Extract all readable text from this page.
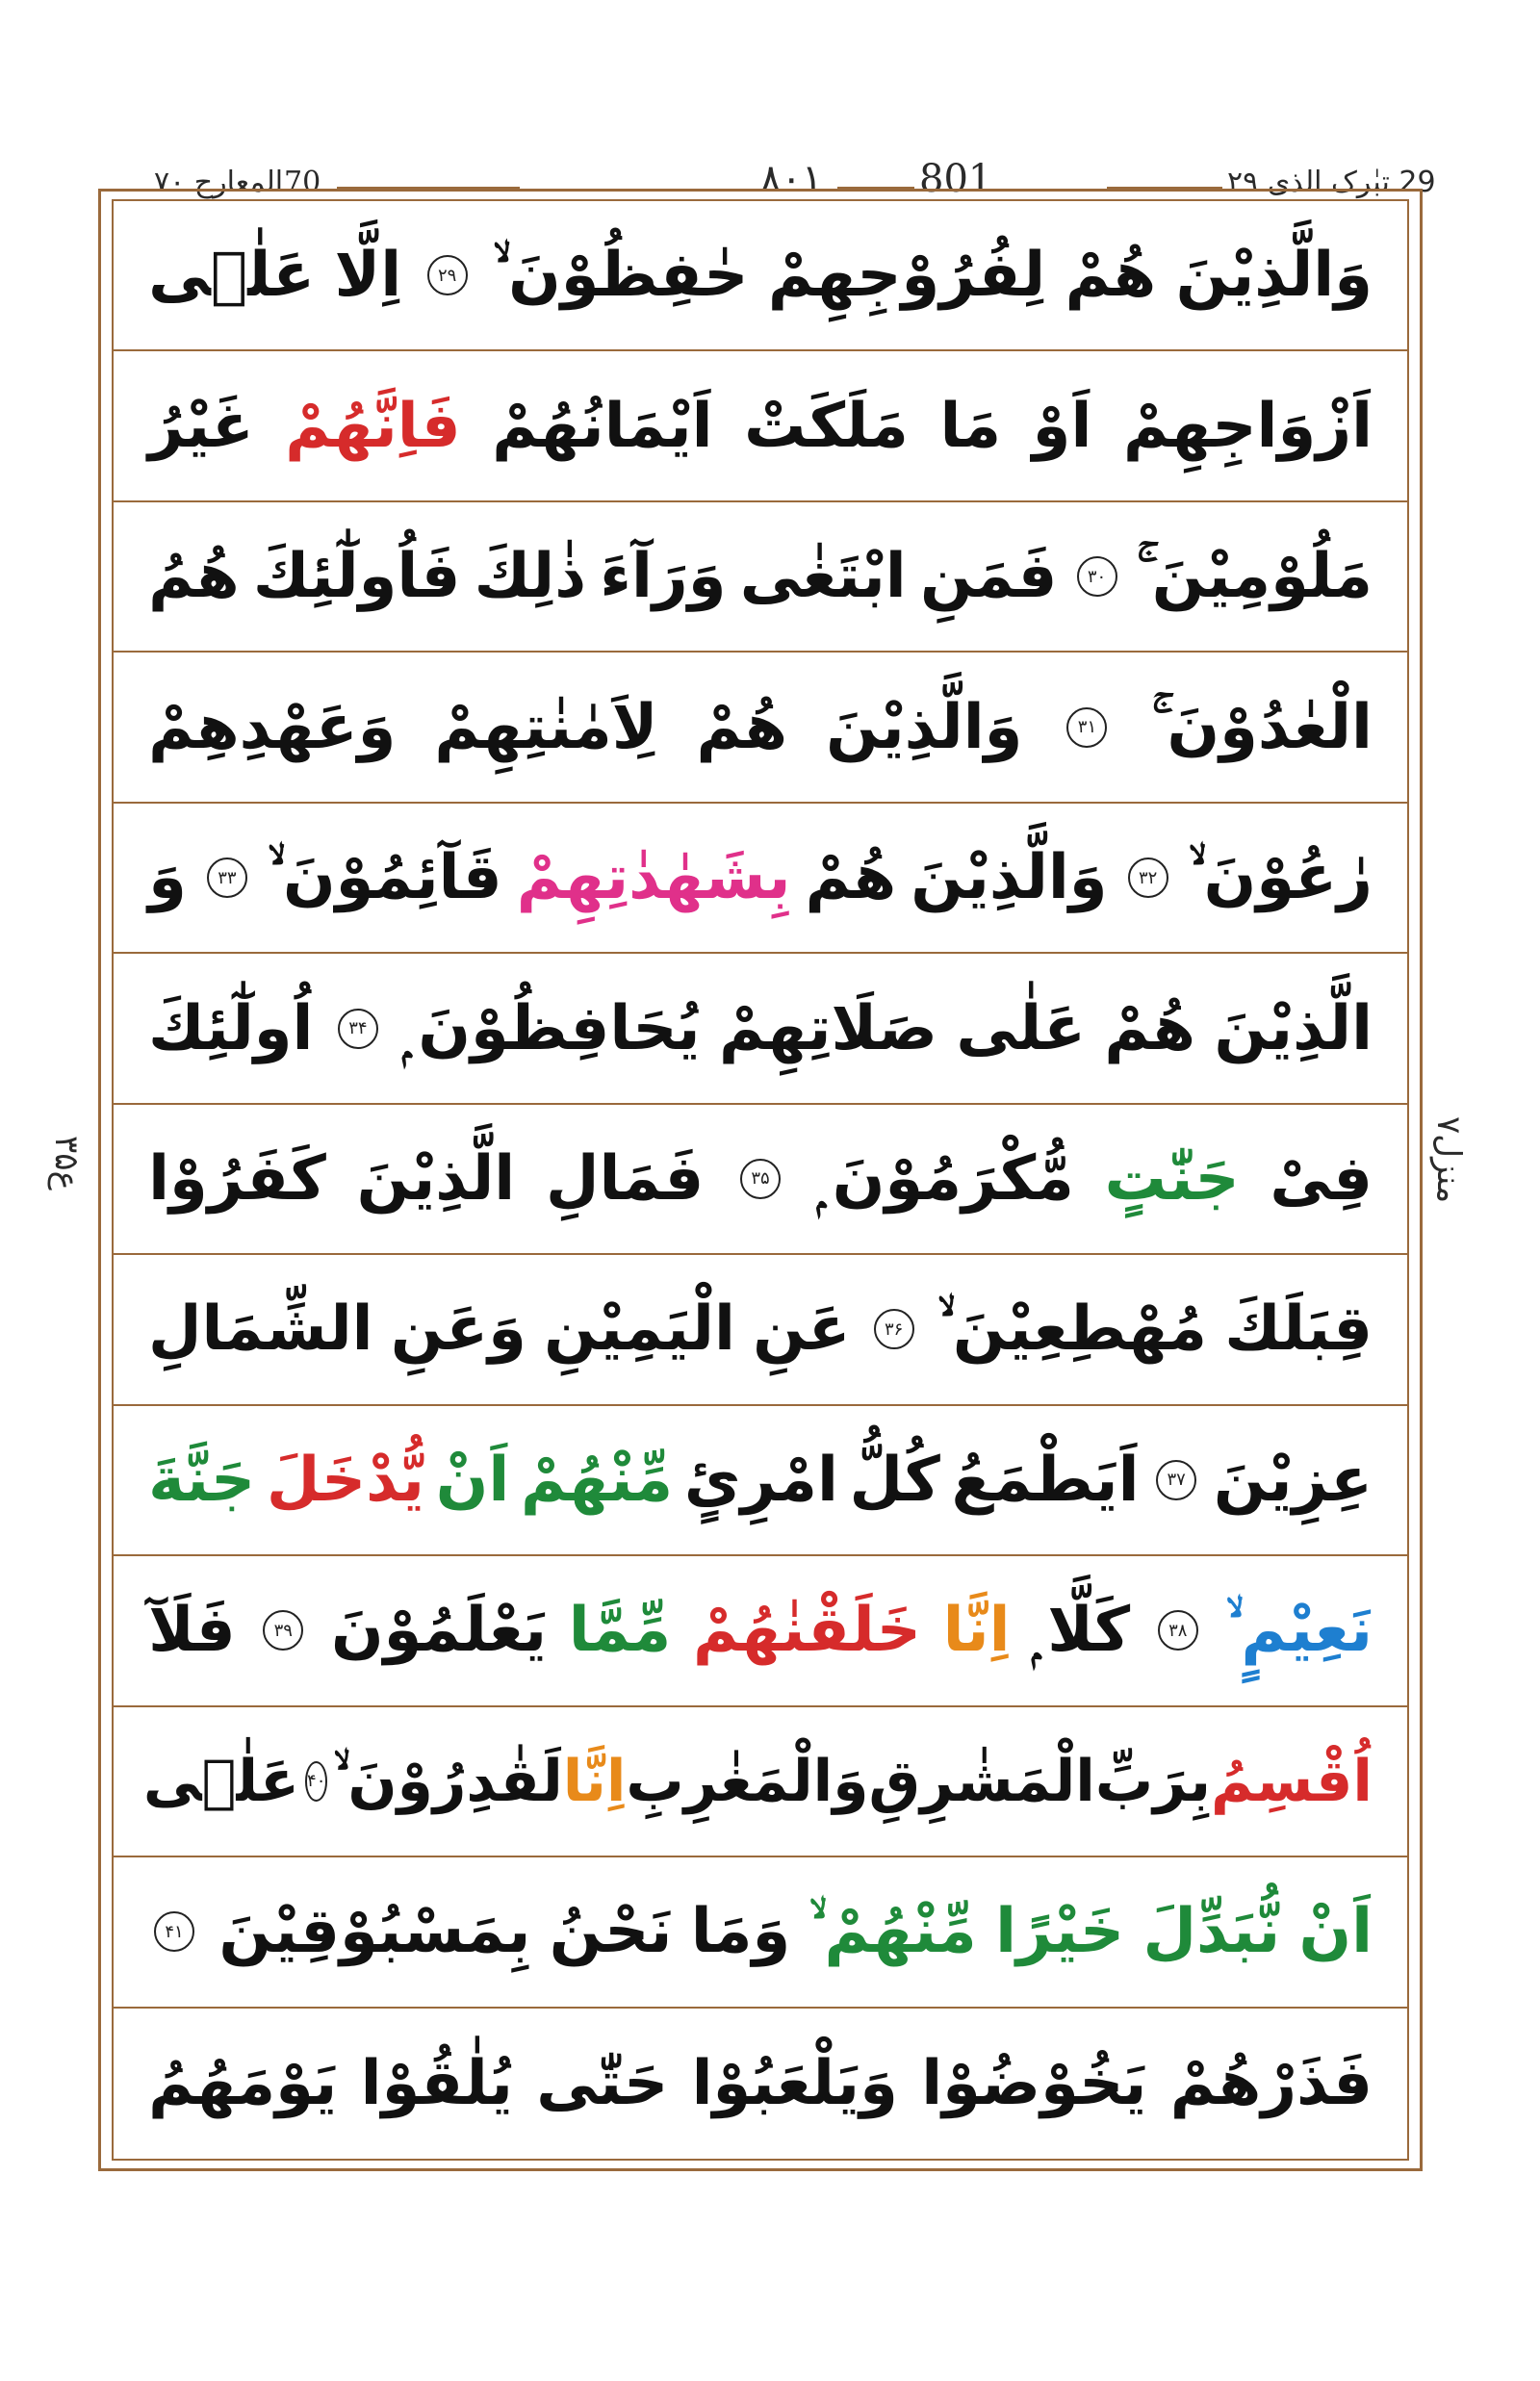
29 تبٰرک الذی ۲۹
801
۸۰۱
70
المعارج ۷۰
منزل۷
ع۳۵
وَالَّذِيْنَ
هُمْ
لِفُرُوْجِهِمْ
حٰفِظُوْنَ ۙ
۲۹
اِلَّا
عَلٰۤى
اَزْوَاجِهِمْ
اَوْ
مَا
مَلَكَتْ
اَيْمَانُهُمْ
فَاِنَّهُمْ
غَيْرُ
مَلُوْمِيْنَ ۚ
۳۰
فَمَنِ
ابْتَغٰى
وَرَآءَ
ذٰلِكَ
فَاُولٰٓئِكَ
هُمُ
الْعٰدُوْنَ ۚ
۳۱
وَالَّذِيْنَ
هُمْ
لِاَمٰنٰتِهِمْ
وَعَهْدِهِمْ
رٰعُوْنَ ۙ
۳۲
وَالَّذِيْنَ
هُمْ
بِشَهٰدٰتِهِمْ
قَآئِمُوْنَ ۙ
۳۳
وَ
الَّذِيْنَ
هُمْ
عَلٰى
صَلَاتِهِمْ
يُحَافِظُوْنَ ۭ
۳۴
اُولٰٓئِكَ
فِىْ
جَنّٰتٍ
مُّكْرَمُوْنَ ۭ
۳۵
فَمَالِ
الَّذِيْنَ
كَفَرُوْا
قِبَلَكَ
مُهْطِعِيْنَ ۙ
۳۶
عَنِ
الْيَمِيْنِ
وَعَنِ
الشِّمَالِ
عِزِيْنَ
۳۷
اَيَطْمَعُ
كُلُّ
امْرِئٍ
مِّنْهُمْ
اَنْ
يُّدْخَلَ
جَنَّةَ
نَعِيْمٍ ۙ
۳۸
كَلَّا ۭ
اِنَّا
خَلَقْنٰهُمْ
مِّمَّا
يَعْلَمُوْنَ
۳۹
فَلَآ
اُقْسِمُ
بِرَبِّ
الْمَشٰرِقِ
وَالْمَغٰرِبِ
اِنَّا
لَقٰدِرُوْنَ ۙ
۴۰
عَلٰۤى
اَنْ
نُّبَدِّلَ
خَيْرًا
مِّنْهُمْ ۙ
وَمَا
نَحْنُ
بِمَسْبُوْقِيْنَ
۴۱
فَذَرْهُمْ
يَخُوْضُوْا
وَيَلْعَبُوْا
حَتّٰى
يُلٰقُوْا
يَوْمَهُمُ
